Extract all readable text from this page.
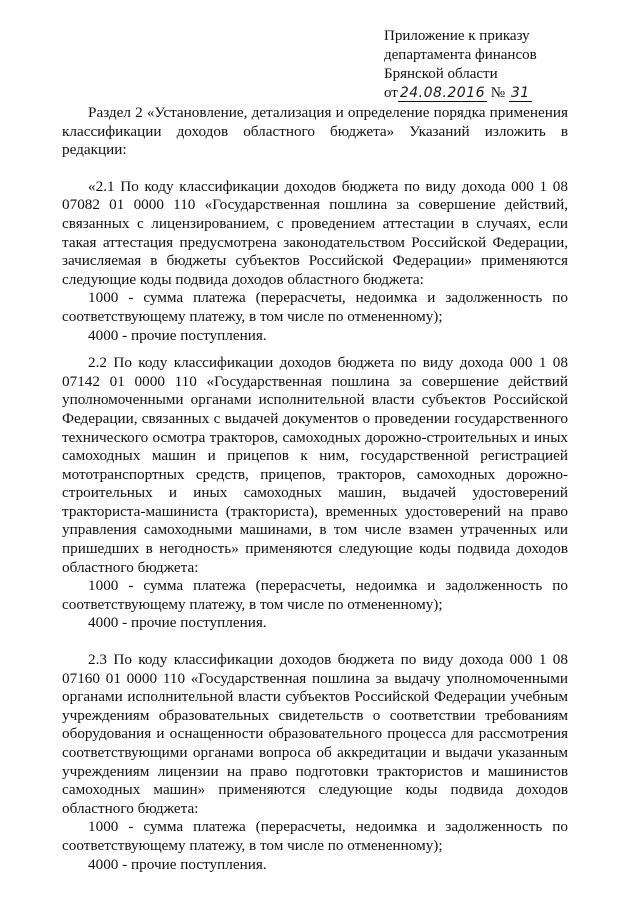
Приложение к приказу
департамента финансов
Брянской области
от 24.08.2016 № 31

Раздел 2 «Установление, детализация и определение порядка применения классификации доходов областного бюджета» Указаний изложить в редакции:

«2.1 По коду классификации доходов бюджета по виду дохода 000 1 08 07082 01 0000 110 «Государственная пошлина за совершение действий, связанных с лицензированием, с проведением аттестации в случаях, если такая аттестация предусмотрена законодательством Российской Федерации, зачисляемая в бюджеты субъектов Российской Федерации» применяются следующие коды подвида доходов областного бюджета:

1000 - сумма платежа (перерасчеты, недоимка и задолженность по соответствующему платежу, в том числе по отмененному);

4000 - прочие поступления.

2.2 По коду классификации доходов бюджета по виду дохода 000 1 08 07142 01 0000 110 «Государственная пошлина за совершение действий уполномоченными органами исполнительной власти субъектов Российской Федерации, связанных с выдачей документов о проведении государственного технического осмотра тракторов, самоходных дорожно-строительных и иных самоходных машин и прицепов к ним, государственной регистрацией мототранспортных средств, прицепов, тракторов, самоходных дорожно-строительных и иных самоходных машин, выдачей удостоверений тракториста-машиниста (тракториста), временных удостоверений на право управления самоходными машинами, в том числе взамен утраченных или пришедших в негодность» применяются следующие коды подвида доходов областного бюджета:

1000 - сумма платежа (перерасчеты, недоимка и задолженность по соответствующему платежу, в том числе по отмененному);

4000 - прочие поступления.

2.3 По коду классификации доходов бюджета по виду дохода 000 1 08 07160 01 0000 110 «Государственная пошлина за выдачу уполномоченными органами исполнительной власти субъектов Российской Федерации учебным учреждениям образовательных свидетельств о соответствии требованиям оборудования и оснащенности образовательного процесса для рассмотрения соответствующими органами вопроса об аккредитации и выдачи указанным учреждениям лицензии на право подготовки трактористов и машинистов самоходных машин» применяются следующие коды подвида доходов областного бюджета:

1000 - сумма платежа (перерасчеты, недоимка и задолженность по соответствующему платежу, в том числе по отмененному);

4000 - прочие поступления.
